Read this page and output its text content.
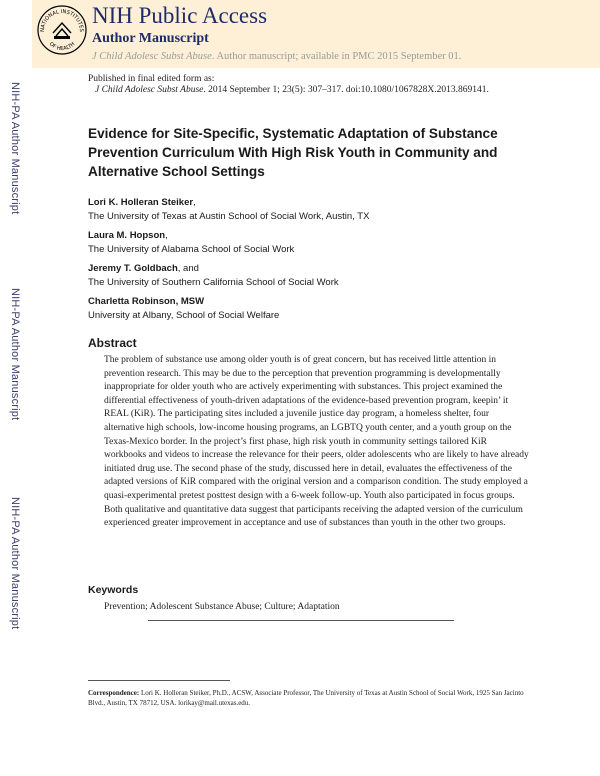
NATIONAL INSTITUTES
OF HEALTH
NIH Public Access
Author Manuscript
J Child Adolesc Subst Abuse. Author manuscript; available in PMC 2015 September 01.
Published in final edited form as:
J Child Adolesc Subst Abuse. 2014 September 1; 23(5): 307–317. doi:10.1080/1067828X.2013.869141.
NIH-PA Author Manuscript
NIH-PA Author Manuscript
NIH-PA Author Manuscript
Evidence for Site-Specific, Systematic Adaptation of Substance Prevention Curriculum With High Risk Youth in Community and Alternative School Settings
Lori K. Holleran Steiker,
The University of Texas at Austin School of Social Work, Austin, TX
Laura M. Hopson,
The University of Alabama School of Social Work
Jeremy T. Goldbach, and
The University of Southern California School of Social Work
Charletta Robinson, MSW
University at Albany, School of Social Welfare
Abstract
The problem of substance use among older youth is of great concern, but has received little attention in prevention research. This may be due to the perception that prevention programming is developmentally inappropriate for older youth who are actively experimenting with substances. This project examined the differential effectiveness of youth-driven adaptations of the evidence-based prevention program, keepin’ it REAL (KiR). The participating sites included a juvenile justice day program, a homeless shelter, four alternative high schools, low-income housing programs, an LGBTQ youth center, and a youth group on the Texas-Mexico border. In the project’s first phase, high risk youth in community settings tailored KiR workbooks and videos to increase the relevance for their peers, older adolescents who are likely to have already initiated drug use. The second phase of the study, discussed here in detail, evaluates the effectiveness of the adapted versions of KiR compared with the original version and a comparison condition. The study employed a quasi-experimental pretest posttest design with a 6-week follow-up. Youth also participated in focus groups. Both qualitative and quantitative data suggest that participants receiving the adapted version of the curriculum experienced greater improvement in acceptance and use of substances than youth in the other two groups.
Keywords
Prevention; Adolescent Substance Abuse; Culture; Adaptation
Correspondence: Lori K. Holleran Steiker, Ph.D., ACSW, Associate Professor, The University of Texas at Austin School of Social Work, 1925 San Jacinto Blvd., Austin, TX 78712, USA. lorikay@mail.utexas.edu.
